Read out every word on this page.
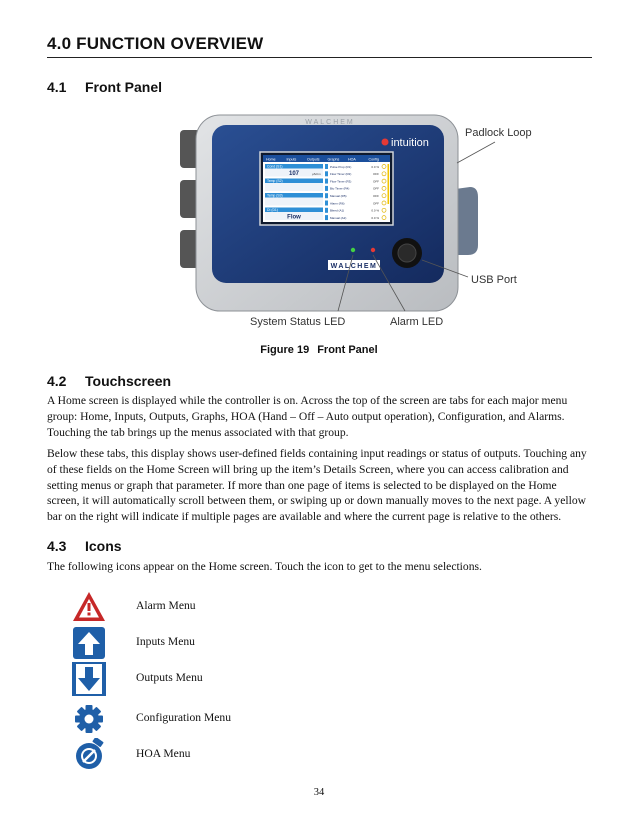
4.0 FUNCTION OVERVIEW
4.1 Front Panel
WALCHEM
intuition
Home	Inputs	Outputs Graphs HOA	Config
Cond (S1)
107	µS/cm
Temp (S2)
Temp (S3)
DI (D1)
Flow
Pulse Prop (R1)	0.0 %
Flow Timer (R2)	OFF
Flow Timer (R3)	OFF
Bio Timer (R4)	OFF
Manual (R5)	OFF
Alarm (R6)	OFF
Bleed (A1)	0.0 %
Manual (A2)	0.0 %
WALCHEM
Padlock Loop
USB Port
System Status LED	Alarm LED
Figure 19 Front Panel
4.2 Touchscreen
A Home screen is displayed while the controller is on. Across the top of the screen are tabs for each major menu group: Home, Inputs, Outputs, Graphs, HOA (Hand – Off – Auto output operation), Configuration, and Alarms. Touching the tab brings up the menus associated with that group.
Below these tabs, this display shows user-defined fields containing input readings or status of outputs. Touching any of these fields on the Home Screen will bring up the item’s Details Screen, where you can access calibration and setting menus or graph that parameter. If more than one page of items is selected to be displayed on the Home screen, it will automatically scroll between them, or swiping up or down manually moves to the next page. A yellow bar on the right will indicate if multiple pages are available and where the current page is relative to the others.
4.3 Icons
The following icons appear on the Home screen. Touch the icon to get to the menu selections.
Alarm Menu
Inputs Menu
Outputs Menu
Configuration Menu
HOA Menu
34
